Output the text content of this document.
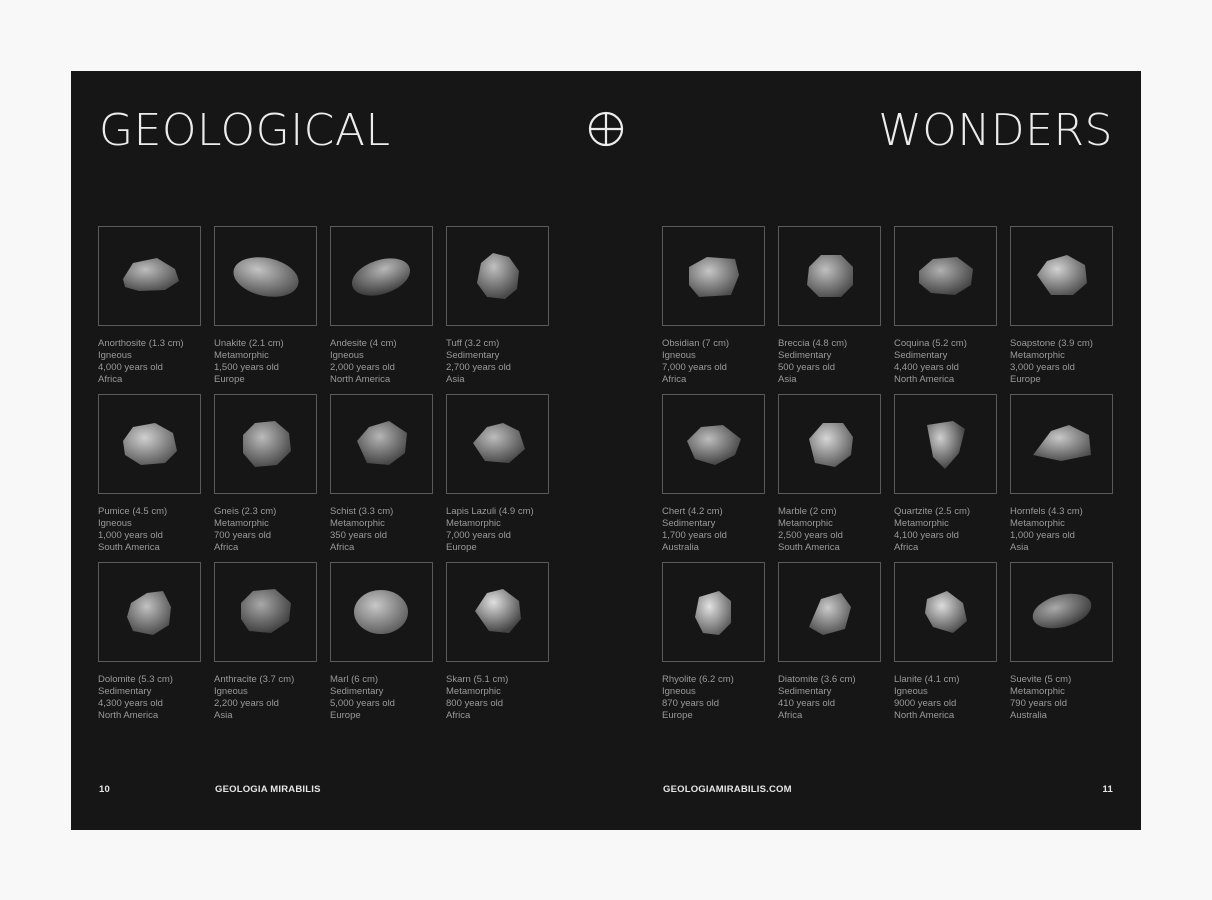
GEOLOGICAL	WONDERS
Anorthosite (1.3 cm)
Igneous
4,000 years old
Africa
Unakite (2.1 cm)
Metamorphic
1,500 years old
Europe
Andesite (4 cm)
Igneous
2,000 years old
North America
Tuff (3.2 cm)
Sedimentary
2,700 years old
Asia
Pumice (4.5 cm)
Igneous
1,000 years old
South America
Gneis (2.3 cm)
Metamorphic
700 years old
Africa
Schist (3.3 cm)
Metamorphic
350 years old
Africa
Lapis Lazuli (4.9 cm)
Metamorphic
7,000 years old
Europe
Dolomite (5.3 cm)
Sedimentary
4,300 years old
North America
Anthracite (3.7 cm)
Igneous
2,200 years old
Asia
Marl (6 cm)
Sedimentary
5,000 years old
Europe
Skarn (5.1 cm)
Metamorphic
800 years old
Africa
Obsidian (7 cm)
Igneous
7,000 years old
Africa
Breccia (4.8 cm)
Sedimentary
500 years old
Asia
Coquina (5.2 cm)
Sedimentary
4,400 years old
North America
Soapstone (3.9 cm)
Metamorphic
3,000 years old
Europe
Chert (4.2 cm)
Sedimentary
1,700 years old
Australia
Marble (2 cm)
Metamorphic
2,500 years old
South America
Quartzite (2.5 cm)
Metamorphic
4,100 years old
Africa
Hornfels (4.3 cm)
Metamorphic
1,000 years old
Asia
Rhyolite (6.2 cm)
Igneous
870 years old
Europe
Diatomite (3.6 cm)
Sedimentary
410 years old
Africa
Llanite (4.1 cm)
Igneous
9000 years old
North America
Suevite (5 cm)
Metamorphic
790 years old
Australia
10	GEOLOGIA MIRABILIS	GEOLOGIAMIRABILIS.COM	11
